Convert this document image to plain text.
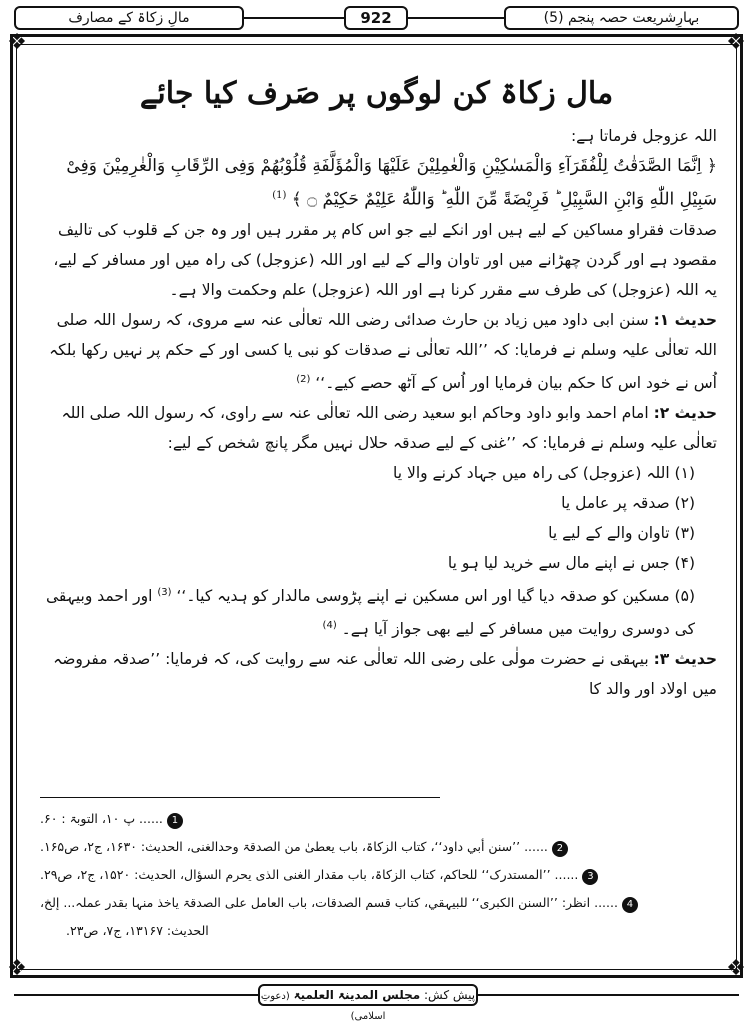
مالِ زکاۃ کے مصارف	922	بہارِشریعت حصہ پنجم (5)
❖	❖
❖	❖
مال زکاۃ کن لوگوں پر صَرف کیا جائے

اللہ عزوجل فرماتا ہے:

﴿ اِنَّمَا الصَّدَقٰتُ لِلْفُقَرَآءِ وَالْمَسٰكِيْنِ وَالْعٰمِلِيْنَ عَلَيْهَا وَالْمُؤَلَّفَةِ قُلُوْبُهُمْ وَفِى الرِّقَابِ وَالْغٰرِمِيْنَ وَفِىْ سَبِيْلِ اللّٰهِ وَابْنِ السَّبِيْلِ ؕ فَرِيْضَةً مِّنَ اللّٰهِ ؕ وَاللّٰهُ عَلِيْمٌ حَكِيْمٌ ۝ ﴾ $^{(1)}$

صدقات فقراو مساکین کے لیے ہیں اور انکے لیے جو اس کام پر مقرر ہیں اور وہ جن کے قلوب کی تالیف مقصود ہے اور گردن چھڑانے میں اور تاوان والے کے لیے اور اللہ (عزوجل) کی راہ میں اور مسافر کے لیے، یہ اللہ (عزوجل) کی طرف سے مقرر کرنا ہے اور اللہ (عزوجل) علم وحکمت والا ہے۔

حدیث ۱: سنن ابی داود میں زیاد بن حارث صدائی رضی اللہ تعالٰی عنہ سے مروی، کہ رسول اللہ صلی اللہ تعالٰی علیہ وسلم نے فرمایا: کہ ’’اللہ تعالٰی نے صدقات کو نبی یا کسی اور کے حکم پر نہیں رکھا بلکہ اُس نے خود اس کا حکم بیان فرمایا اور اُس کے آٹھ حصے کیے۔‘‘ $^{(2)}$

حدیث ۲: امام احمد وابو داود وحاکم ابو سعید رضی اللہ تعالٰی عنہ سے راوی، کہ رسول اللہ صلی اللہ تعالٰی علیہ وسلم نے فرمایا: کہ ’’غنی کے لیے صدقہ حلال نہیں مگر پانچ شخص کے لیے:

(۱) اللہ (عزوجل) کی راہ میں جہاد کرنے والا یا

(۲) صدقہ پر عامل یا

(۳) تاوان والے کے لیے یا

(۴) جس نے اپنے مال سے خرید لیا ہو یا

(۵) مسکین کو صدقہ دیا گیا اور اس مسکین نے اپنے پڑوسی مالدار کو ہدیہ کیا۔‘‘ $^{(3)}$ اور احمد وبیہقی کی دوسری روایت میں مسافر کے لیے بھی جواز آیا ہے۔ $^{(4)}$

حدیث ۳: بیہقی نے حضرت مولٰی علی رضی اللہ تعالٰی عنہ سے روایت کی، کہ فرمایا: ’’صدقہ مفروضہ میں اولاد اور والد کا

1...... پ ۱۰، التوبۃ : ۶۰.
2...... ’’سنن أبي داود‘‘، کتاب الزکاۃ، باب یعطیٰ من الصدقۃ وحدالغنی، الحدیث: ۱۶۳۰، ج۲، ص۱۶۵.
3...... ’’المستدرک‘‘ للحاکم، کتاب الزکاۃ، باب مقدار الغنی الذی یحرم السؤال، الحدیث: ۱۵۲۰، ج۲، ص۲۹.
4...... انظر: ’’السنن الکبری‘‘ للبیہقي، کتاب قسم الصدقات، باب العامل علی الصدقۃ یاخذ منہا بقدر عملہ... إلخ،
الحدیث: ۱۳۱۶۷، ج۷، ص۲۳.
پیش کش: مجلس المدینۃ العلمیۃ (دعوتِ اسلامی)
